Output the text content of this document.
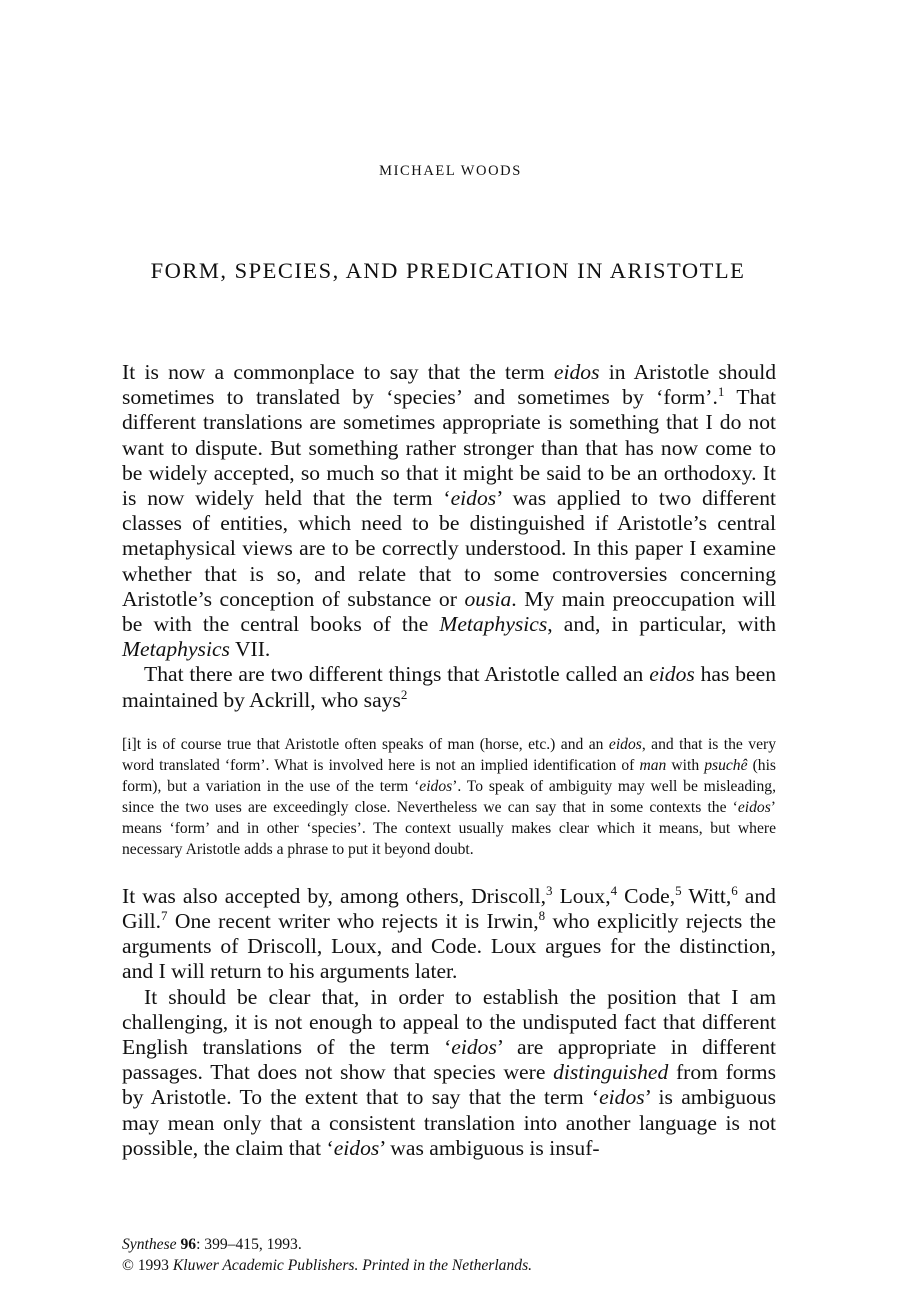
MICHAEL WOODS
FORM, SPECIES, AND PREDICATION IN ARISTOTLE

It is now a commonplace to say that the term eidos in Aristotle should sometimes to translated by ‘species’ and sometimes by ‘form’.$^1$ That different translations are sometimes appropriate is something that I do not want to dispute. But something rather stronger than that has now come to be widely accepted, so much so that it might be said to be an orthodoxy. It is now widely held that the term ‘eidos’ was applied to two different classes of entities, which need to be distinguished if Aristotle’s central metaphysical views are to be correctly understood. In this paper I examine whether that is so, and relate that to some controversies concerning Aristotle’s conception of substance or ousia. My main preoccupation will be with the central books of the Metaphysics, and, in particular, with Metaphysics VII.

That there are two different things that Aristotle called an eidos has been maintained by Ackrill, who says$^2$

[i]t is of course true that Aristotle often speaks of man (horse, etc.) and an eidos, and that is the very word translated ‘form’. What is involved here is not an implied identification of man with psuchê (his form), but a variation in the use of the term ‘eidos’. To speak of ambiguity may well be misleading, since the two uses are exceedingly close. Nevertheless we can say that in some contexts the ‘eidos’ means ‘form’ and in other ‘species’. The context usually makes clear which it means, but where necessary Aristotle adds a phrase to put it beyond doubt.

It was also accepted by, among others, Driscoll,$^3$ Loux,$^4$ Code,$^5$ Witt,$^6$ and Gill.$^7$ One recent writer who rejects it is Irwin,$^8$ who explicitly rejects the arguments of Driscoll, Loux, and Code. Loux argues for the distinction, and I will return to his arguments later.

It should be clear that, in order to establish the position that I am challenging, it is not enough to appeal to the undisputed fact that different English translations of the term ‘eidos’ are appropriate in different passages. That does not show that species were distinguished from forms by Aristotle. To the extent that to say that the term ‘eidos’ is ambiguous may mean only that a consistent translation into another language is not possible, the claim that ‘eidos’ was ambiguous is insuf-

Synthese 96: 399–415, 1993.
© 1993 Kluwer Academic Publishers. Printed in the Netherlands.
